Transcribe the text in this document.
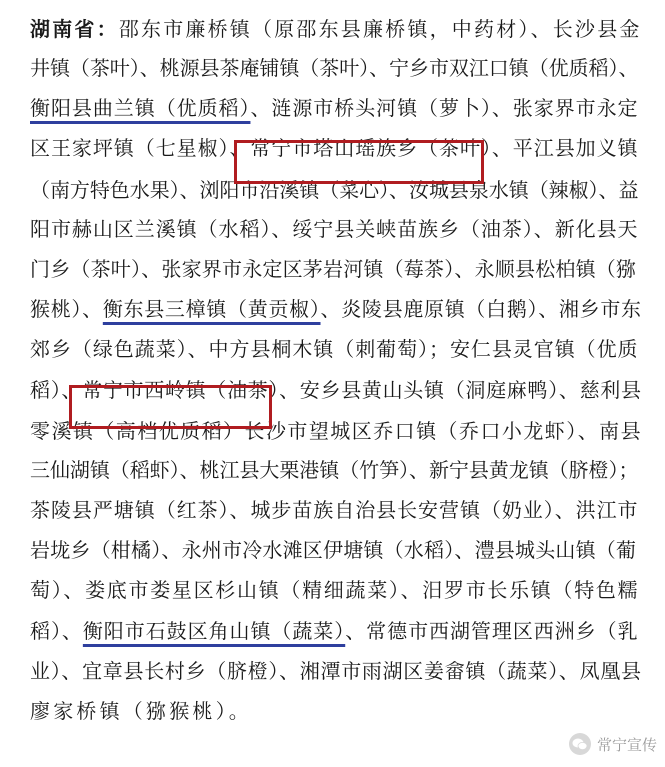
湖南省：邵东市廉桥镇（原邵东县廉桥镇，中药材）、长沙县金
井镇（茶叶）、桃源县茶庵铺镇（茶叶）、宁乡市双江口镇（优质稻）、
衡阳县曲兰镇（优质稻）、涟源市桥头河镇（萝卜）、张家界市永定
区王家坪镇（七星椒）、常宁市塔山瑶族乡（茶叶）、平江县加义镇
（南方特色水果）、浏阳市沿溪镇（菜心）、汝城县泉水镇（辣椒）、益
阳市赫山区兰溪镇（水稻）、绥宁县关峡苗族乡（油茶）、新化县天
门乡（茶叶）、张家界市永定区茅岩河镇（莓茶）、永顺县松柏镇（猕
猴桃）、衡东县三樟镇（黄贡椒）、炎陵县鹿原镇（白鹅）、湘乡市东
郊乡（绿色蔬菜）、中方县桐木镇（刺葡萄）；安仁县灵官镇（优质
稻）、常宁市西岭镇（油茶）、安乡县黄山头镇（洞庭麻鸭）、慈利县
零溪镇（高档优质稻）长沙市望城区乔口镇（乔口小龙虾）、南县
三仙湖镇（稻虾）、桃江县大栗港镇（竹笋）、新宁县黄龙镇（脐橙）；
茶陵县严塘镇（红茶）、城步苗族自治县长安营镇（奶业）、洪江市
岩垅乡（柑橘）、永州市冷水滩区伊塘镇（水稻）、澧县城头山镇（葡
萄）、娄底市娄星区杉山镇（精细蔬菜）、汨罗市长乐镇（特色糯
稻）、衡阳市石鼓区角山镇（蔬菜）、常德市西湖管理区西洲乡（乳
业）、宜章县长村乡（脐橙）、湘潭市雨湖区姜畲镇（蔬菜）、凤凰县
廖家桥镇（猕猴桃）。
常宁宣传
